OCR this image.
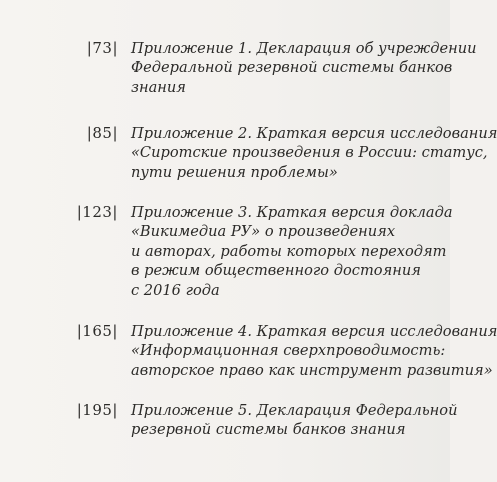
|73| Приложение 1. Декларация об учреждении
Федеральной резервной системы банков
знания
|85| Приложение 2. Краткая версия исследования
«Сиротские произведения в России: статус,
пути решения проблемы»
|123| Приложение 3. Краткая версия доклада
«Викимедиа РУ» о произведениях
и авторах, работы которых переходят
в режим общественного достояния
с 2016 года
|165| Приложение 4. Краткая версия исследования
«Информационная сверхпроводимость:
авторское право как инструмент развития»
|195| Приложение 5. Декларация Федеральной
резервной системы банков знания
